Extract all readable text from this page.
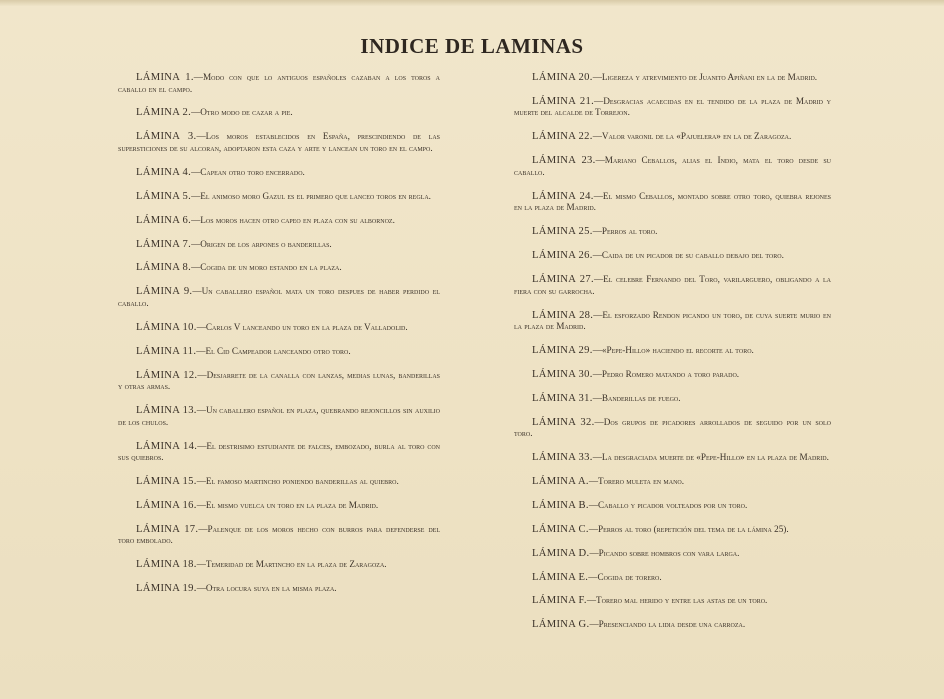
INDICE DE LAMINAS

LÁMINA 1.—Modo con que lo antiguos españoles cazaban a los toros a caballo en el campo.

LÁMINA 2.—Otro modo de cazar a pie.

LÁMINA 3.—Los moros establecidos en España, prescindiendo de las supersticiones de su alcoran, adoptaron esta caza y arte y lancean un toro en el campo.

LÁMINA 4.—Capean otro toro encerrado.

LÁMINA 5.—El animoso moro Gazul es el primero que lanceo toros en regla.

LÁMINA 6.—Los moros hacen otro capeo en plaza con su albornoz.

LÁMINA 7.—Origen de los arpones o banderillas.

LÁMINA 8.—Cogida de un moro estando en la plaza.

LÁMINA 9.—Un caballero español mata un toro despues de haber perdido el caballo.

LÁMINA 10.—Carlos V lanceando un toro en la plaza de Valladolid.

LÁMINA 11.—El Cid Campeador lanceando otro toro.

LÁMINA 12.—Desjarrete de la canalla con lanzas, medias lunas, banderillas y otras armas.

LÁMINA 13.—Un caballero español en plaza, quebrando rejoncillos sin auxilio de los chulos.

LÁMINA 14.—El destrisimo estudiante de falces, embozado, burla al toro con sus quiebros.

LÁMINA 15.—El famoso martincho poniendo banderillas al quiebro.

LÁMINA 16.—El mismo vuelca un toro en la plaza de Madrid.

LÁMINA 17.—Palenque de los moros hecho con burros para defenderse del toro embolado.

LÁMINA 18.—Temeridad de Martincho en la plaza de Zaragoza.

LÁMINA 19.—Otra locura suya en la misma plaza.

LÁMINA 20.—Ligereza y atrevimiento de Juanito Apiñani en la de Madrid.

LÁMINA 21.—Desgracias acaecidas en el tendido de la plaza de Madrid y muerte del alcalde de Torrejon.

LÁMINA 22.—Valor varonil de la «Pajuelera» en la de Zaragoza.

LÁMINA 23.—Mariano Ceballos, alias el Indio, mata el toro desde su caballo.

LÁMINA 24.—El mismo Ceballos, montado sobre otro toro, quiebra rejones en la plaza de Madrid.

LÁMINA 25.—Perros al toro.

LÁMINA 26.—Caida de un picador de su caballo debajo del toro.

LÁMINA 27.—El celebre Fernando del Toro, varilarguero, obligando a la fiera con su garrocha.

LÁMINA 28.—El esforzado Rendon picando un toro, de cuya suerte murio en la plaza de Madrid.

LÁMINA 29.—«Pepe-Hillo» haciendo el recorte al toro.

LÁMINA 30.—Pedro Romero matando a toro parado.

LÁMINA 31.—Banderillas de fuego.

LÁMINA 32.—Dos grupos de picadores arrollados de seguido por un solo toro.

LÁMINA 33.—La desgraciada muerte de «Pepe-Hillo» en la plaza de Madrid.

LÁMINA A.—Torero muleta en mano.

LÁMINA B.—Caballo y picador volteados por un toro.

LÁMINA C.—Perros al toro (repetición del tema de la lámina 25).

LÁMINA D.—Picando sobre hombros con vara larga.

LÁMINA E.—Cogida de torero.

LÁMINA F.—Torero mal herido y entre las astas de un toro.

LÁMINA G.—Presenciando la lidia desde una carroza.
